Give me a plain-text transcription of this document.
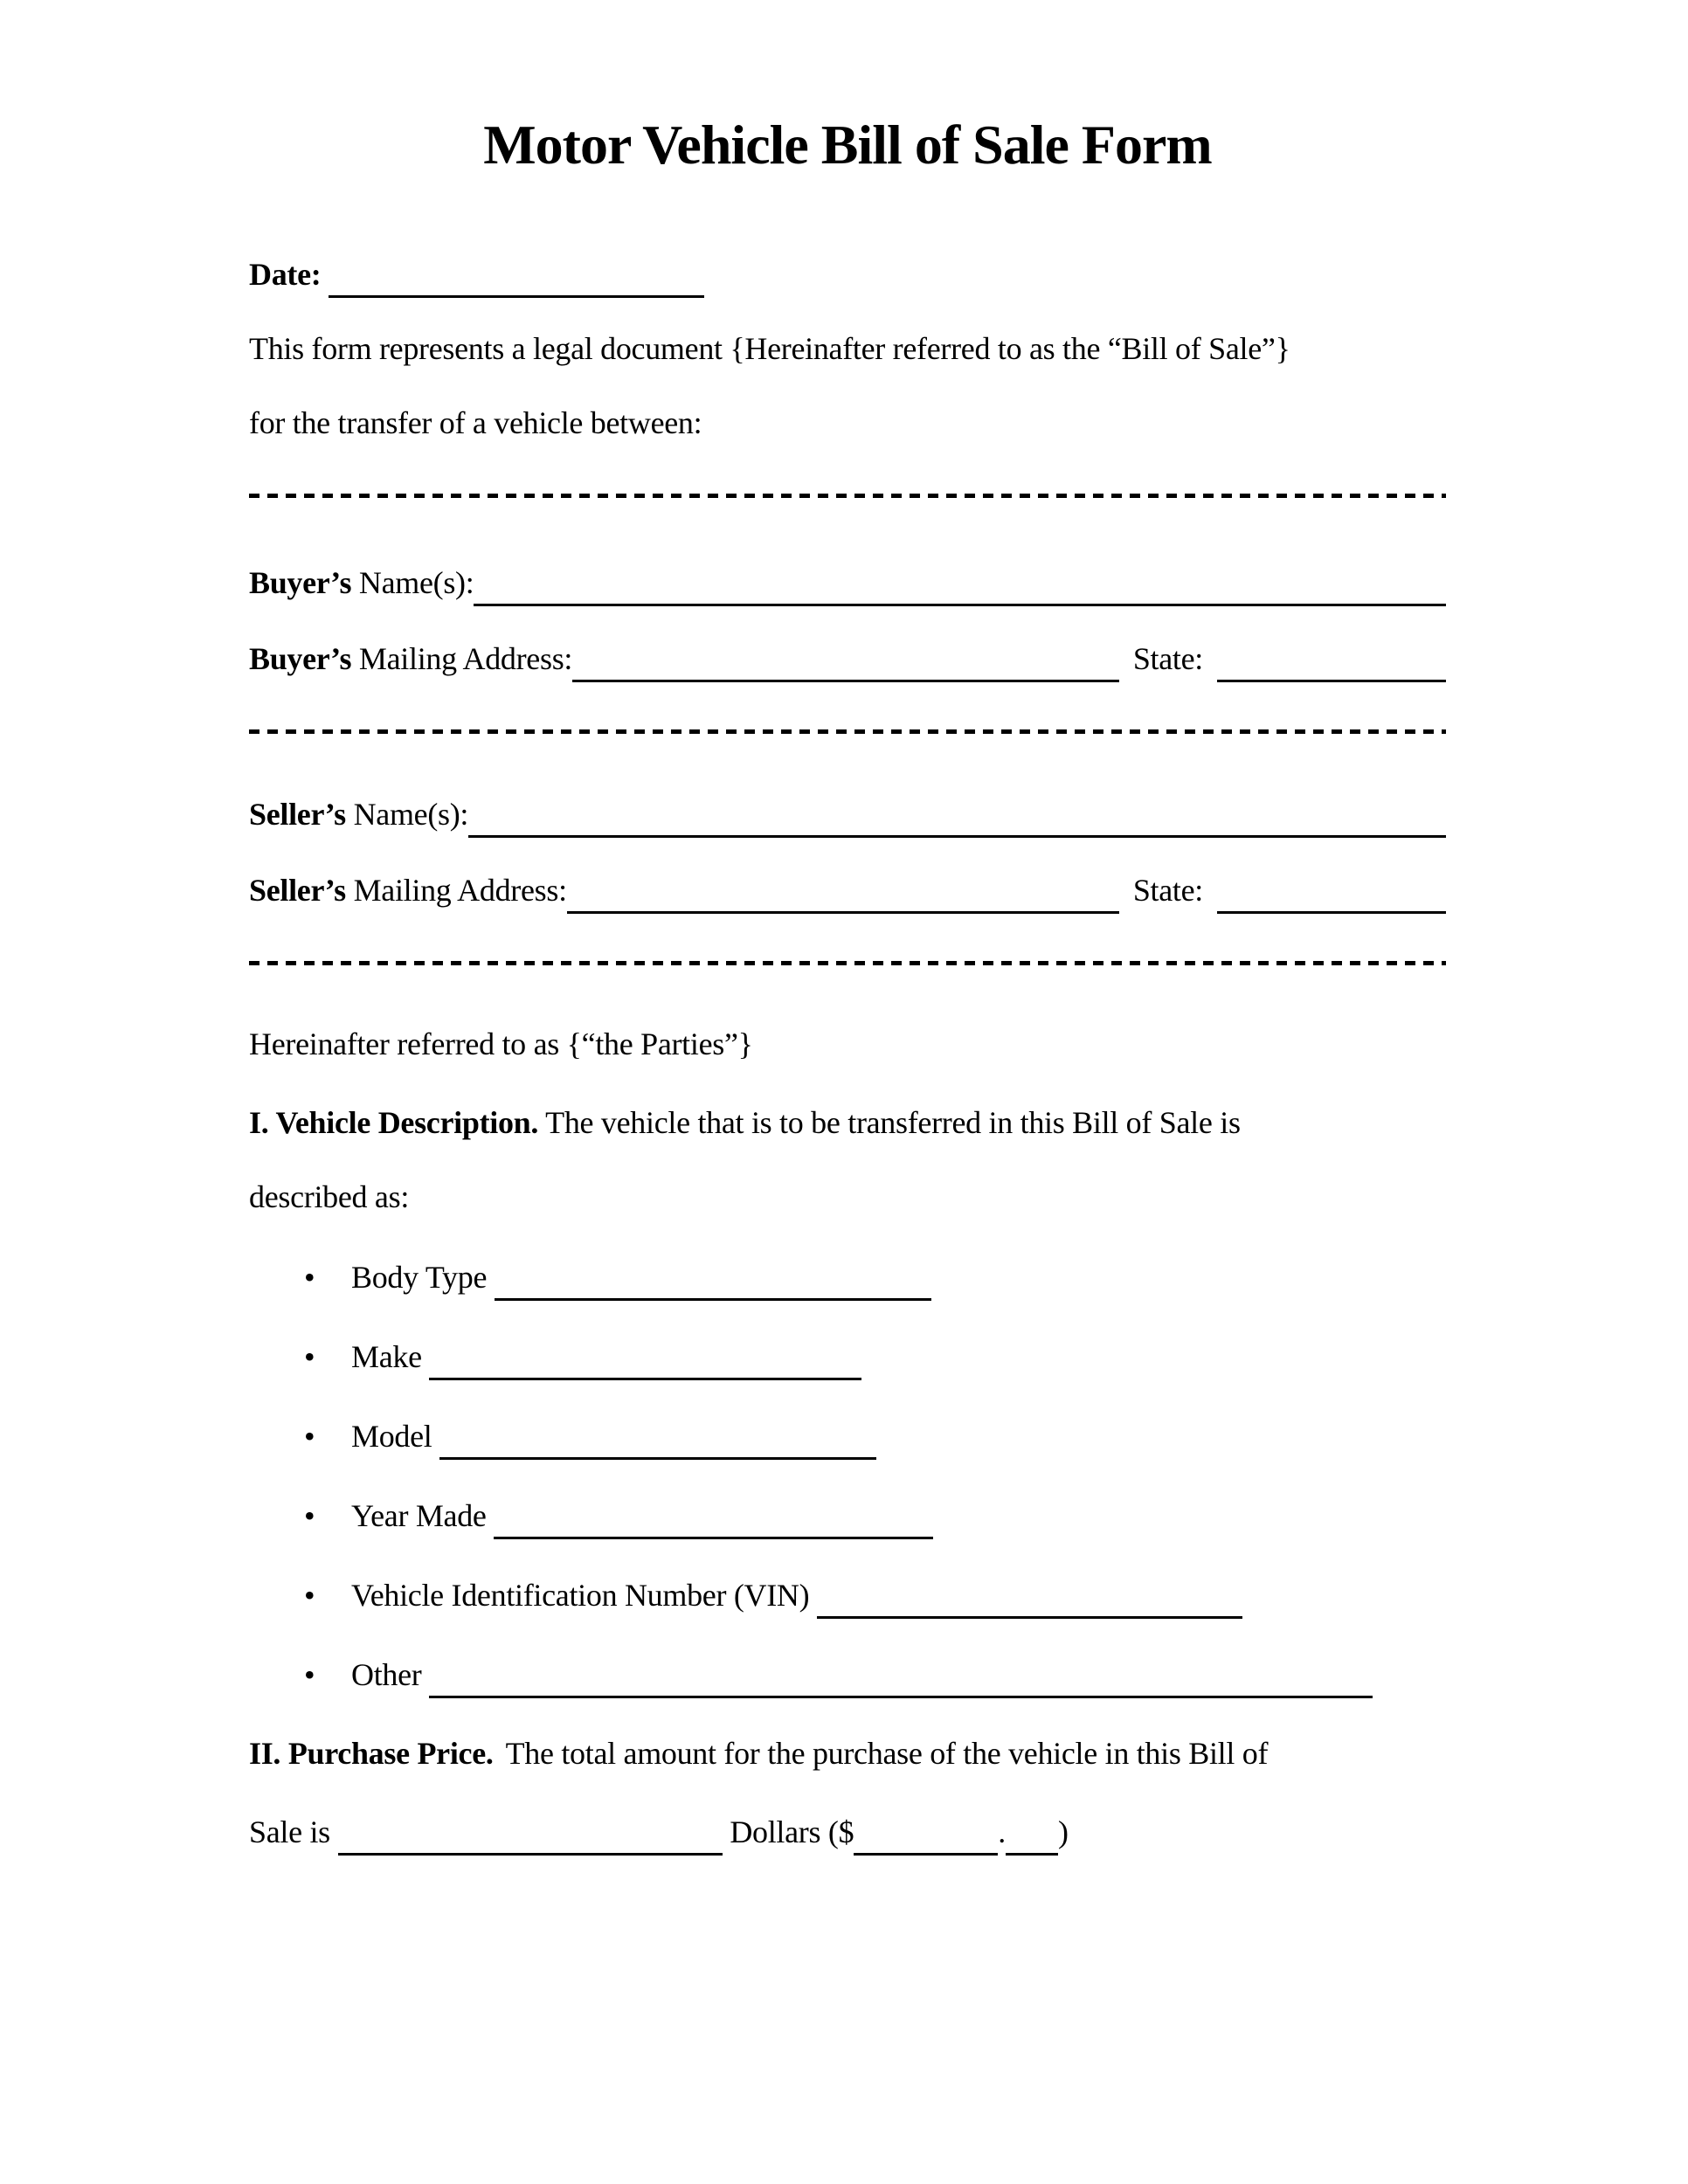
Motor Vehicle Bill of Sale Form
Date:
This form represents a legal document {Hereinafter referred to as the “Bill of Sale”}
for the transfer of a vehicle between:
Buyer’s Name(s):
Buyer’s Mailing Address:	State:
Seller’s Name(s):
Seller’s Mailing Address:	State:
Hereinafter referred to as {“the Parties”}
I. Vehicle Description. The vehicle that is to be transferred in this Bill of Sale is
described as:
• Body Type
• Make
• Model
• Year Made
• Vehicle Identification Number (VIN)
• Other
II. Purchase Price. The total amount for the purchase of the vehicle in this Bill of
Sale is	Dollars ($	. )
